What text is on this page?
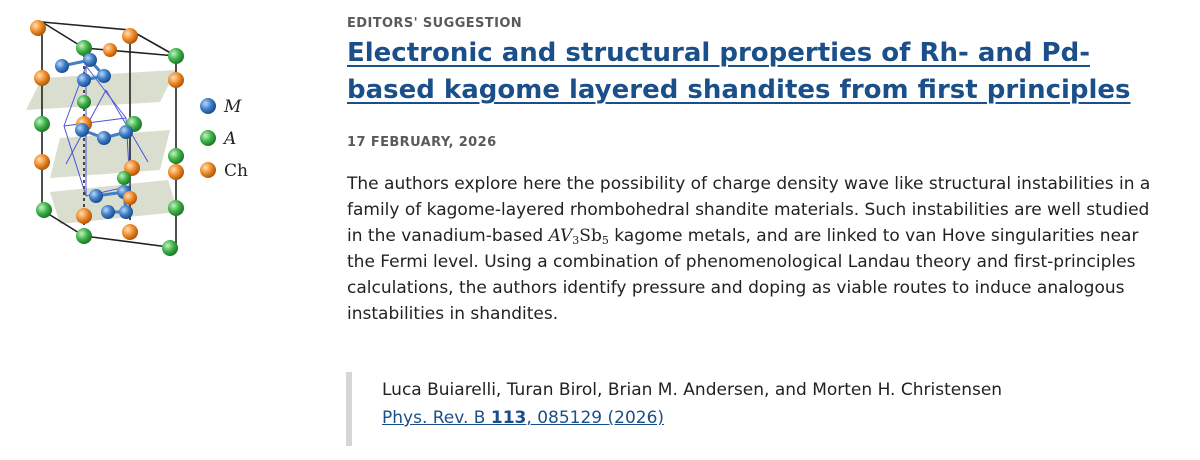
M
A
Ch

EDITORS' SUGGESTION

Electronic and structural properties of Rh- and Pd-based kagome layered shandites from first principles
17 FEBRUARY, 2026
The authors explore here the possibility of charge density wave like structural instabilities in a family of kagome-layered rhombohedral shandite materials. Such instabilities are well studied in the vanadium-based $AV_3Sb_5$ kagome metals, and are linked to van Hove singularities near the Fermi level. Using a combination of phenomenological Landau theory and first-principles calculations, the authors identify pressure and doping as viable routes to induce analogous instabilities in shandites.
Luca Buiarelli, Turan Birol, Brian M. Andersen, and Morten H. Christensen
Phys. Rev. B 113, 085129 (2026)
